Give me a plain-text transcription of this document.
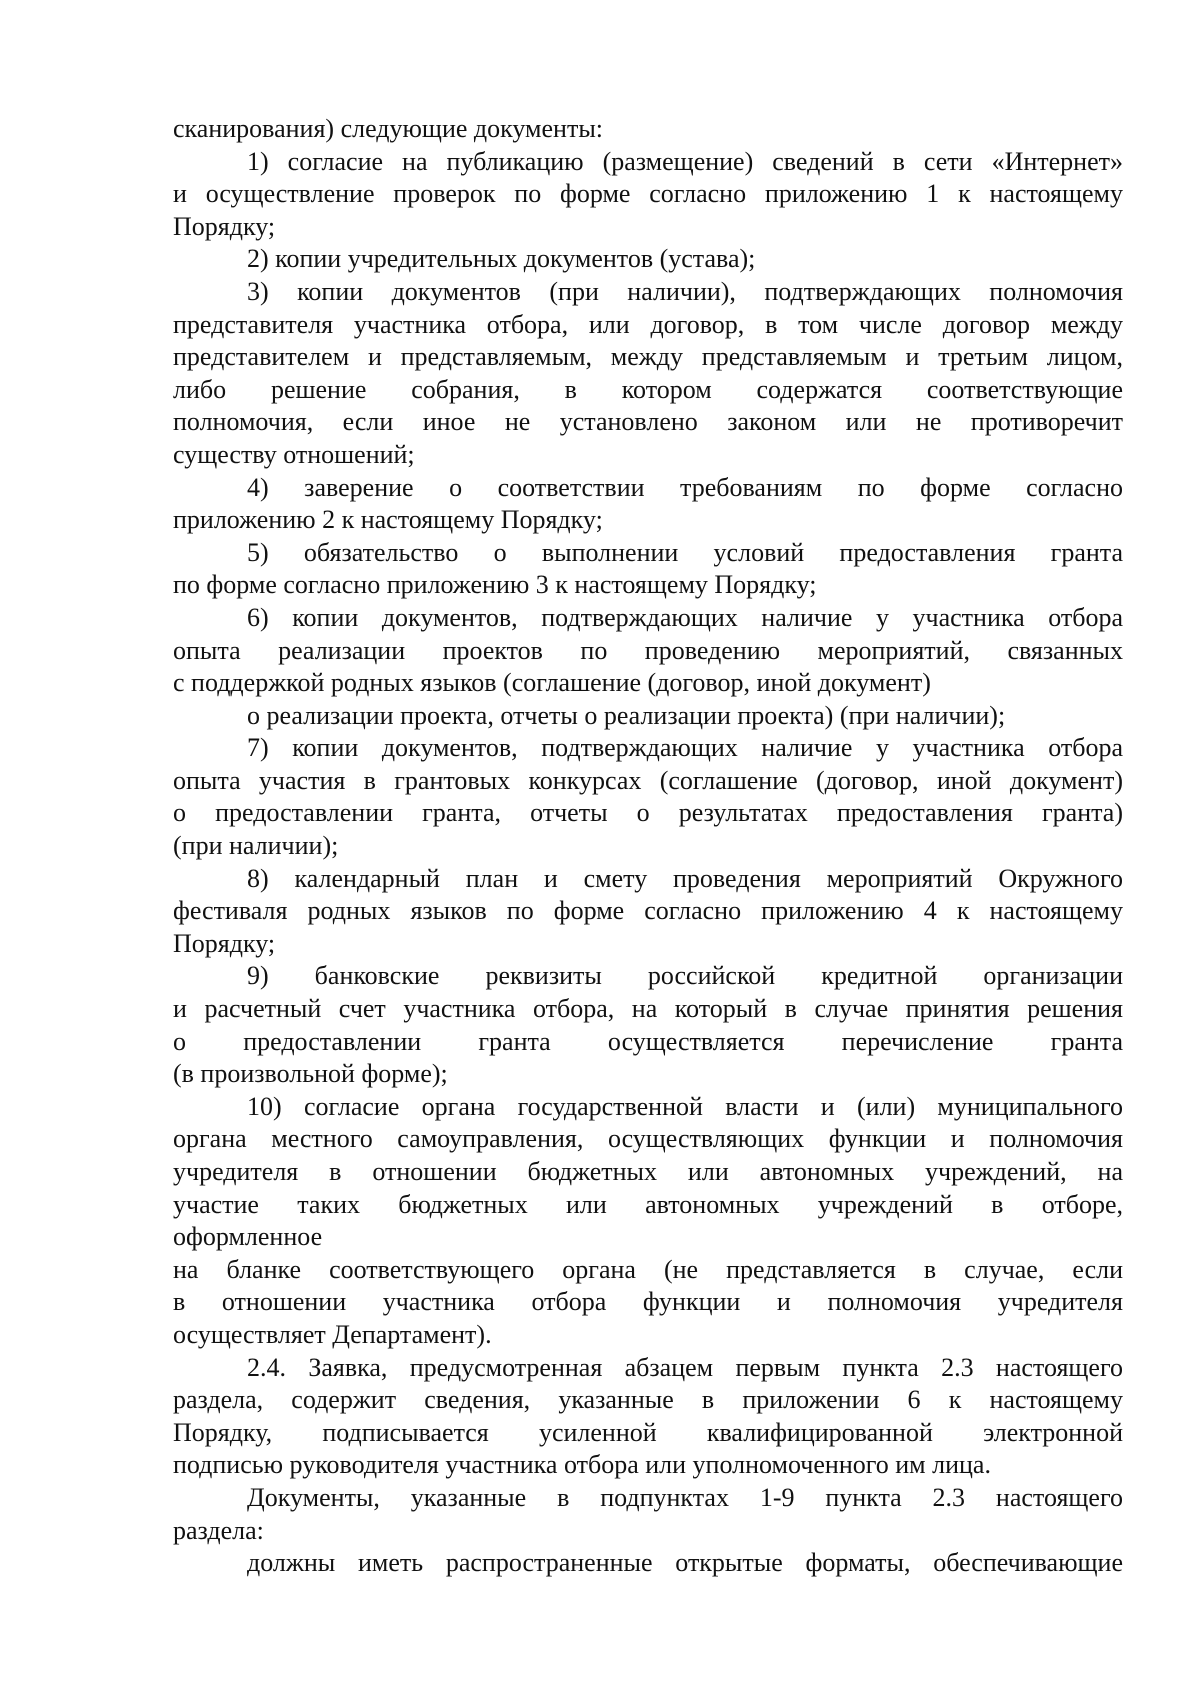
сканирования) следующие документы:

1) согласие на публикацию (размещение) сведений в сети «Интернет»

и осуществление проверок по форме согласно приложению 1 к настоящему

Порядку;

2) копии учредительных документов (устава);

3) копии документов (при наличии), подтверждающих полномочия

представителя участника отбора, или договор, в том числе договор между

представителем и представляемым, между представляемым и третьим лицом,

либо решение собрания, в котором содержатся соответствующие

полномочия, если иное не установлено законом или не противоречит

существу отношений;

4) заверение о соответствии требованиям по форме согласно

приложению 2 к настоящему Порядку;

5) обязательство о выполнении условий предоставления гранта

по форме согласно приложению 3 к настоящему Порядку;

6) копии документов, подтверждающих наличие у участника отбора

опыта реализации проектов по проведению мероприятий, связанных

с поддержкой родных языков (соглашение (договор, иной документ)

о реализации проекта, отчеты о реализации проекта) (при наличии);

7) копии документов, подтверждающих наличие у участника отбора

опыта участия в грантовых конкурсах (соглашение (договор, иной документ)

о предоставлении гранта, отчеты о результатах предоставления гранта)

(при наличии);

8) календарный план и смету проведения мероприятий Окружного

фестиваля родных языков по форме согласно приложению 4 к настоящему

Порядку;

9) банковские реквизиты российской кредитной организации

и расчетный счет участника отбора, на который в случае принятия решения

о предоставлении гранта осуществляется перечисление гранта

(в произвольной форме);

10) согласие органа государственной власти и (или) муниципального

органа местного самоуправления, осуществляющих функции и полномочия

учредителя в отношении бюджетных или автономных учреждений, на

участие таких бюджетных или автономных учреждений в отборе,

оформленное

на бланке соответствующего органа (не представляется в случае, если

в отношении участника отбора функции и полномочия учредителя

осуществляет Департамент).

2.4. Заявка, предусмотренная абзацем первым пункта 2.3 настоящего

раздела, содержит сведения, указанные в приложении 6 к настоящему

Порядку, подписывается усиленной квалифицированной электронной

подписью руководителя участника отбора или уполномоченного им лица.

Документы, указанные в подпунктах 1-9 пункта 2.3 настоящего

раздела:

должны иметь распространенные открытые форматы, обеспечивающие
